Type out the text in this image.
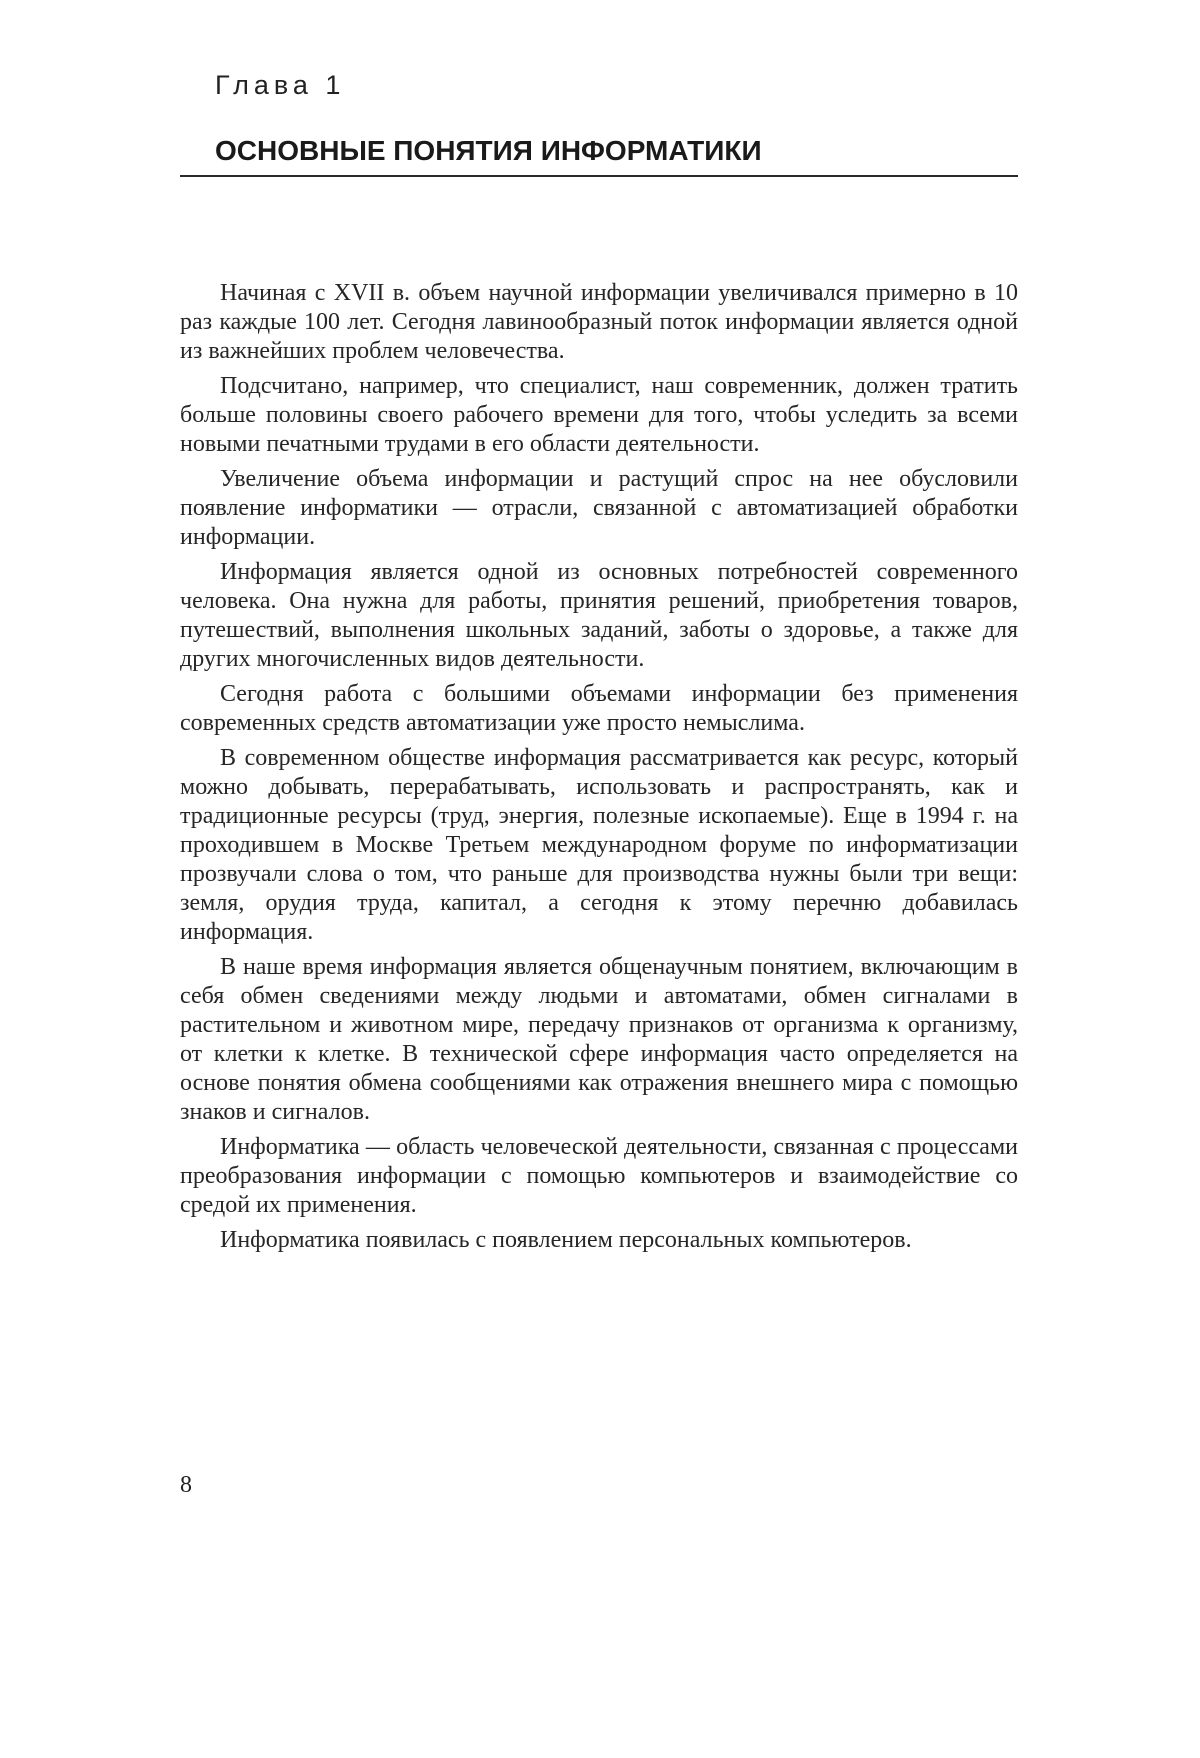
Глава 1
ОСНОВНЫЕ ПОНЯТИЯ ИНФОРМАТИКИ

Начиная с XVII в. объем научной информации увеличивался примерно в 10 раз каждые 100 лет. Сегодня лавинообразный поток информации является одной из важнейших проблем человечества.

Подсчитано, например, что специалист, наш современник, должен тратить больше половины своего рабочего времени для того, чтобы уследить за всеми новыми печатными трудами в его области деятельности.

Увеличение объема информации и растущий спрос на нее обусловили появление информатики — отрасли, связанной с автоматизацией обработки информации.

Информация является одной из основных потребностей современного человека. Она нужна для работы, принятия решений, приобретения товаров, путешествий, выполнения школьных заданий, заботы о здоровье, а также для других многочисленных видов деятельности.

Сегодня работа с большими объемами информации без применения современных средств автоматизации уже просто немыслима.

В современном обществе информация рассматривается как ресурс, который можно добывать, перерабатывать, использовать и распространять, как и традиционные ресурсы (труд, энергия, полезные ископаемые). Еще в 1994 г. на проходившем в Москве Третьем международном форуме по информатизации прозвучали слова о том, что раньше для производства нужны были три вещи: земля, орудия труда, капитал, а сегодня к этому перечню добавилась информация.

В наше время информация является общенаучным понятием, включающим в себя обмен сведениями между людьми и автоматами, обмен сигналами в растительном и животном мире, передачу признаков от организма к организму, от клетки к клетке. В технической сфере информация часто определяется на основе понятия обмена сообщениями как отражения внешнего мира с помощью знаков и сигналов.

Информатика — область человеческой деятельности, связанная с процессами преобразования информации с помощью компьютеров и взаимодействие со средой их применения.

Информатика появилась с появлением персональных компьютеров.

8
